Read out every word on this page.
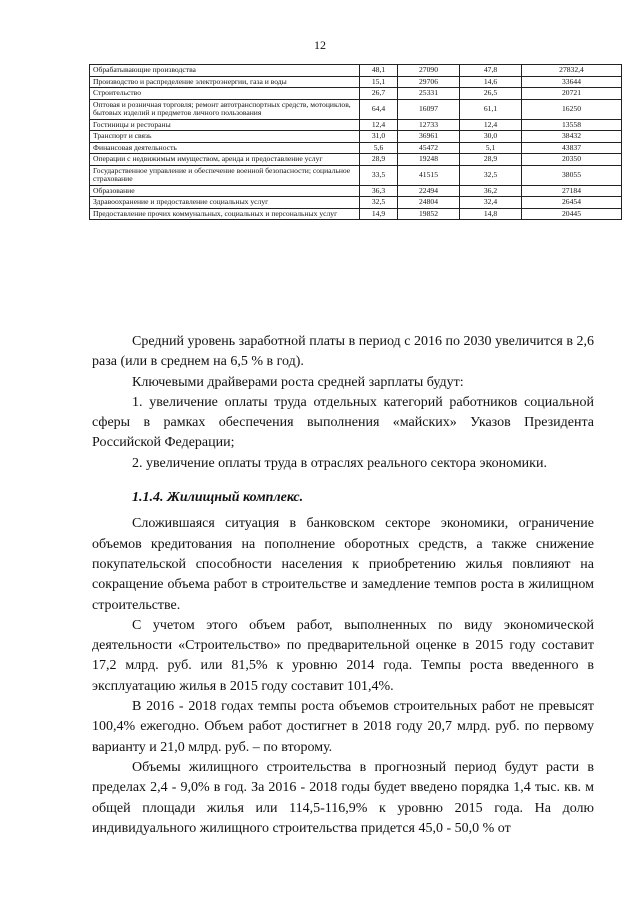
12
Обрабатывающие производства	48,1	27090	47,8	27832,4
Производство и распределение электроэнергии, газа и воды	15,1	29706	14,6	33644
Строительство	26,7	25331	26,5	20721
Оптовая и розничная торговля; ремонт автотранспортных средств, мотоциклов, бытовых изделий и предметов личного пользования	64,4	16097	61,1	16250
Гостиницы и рестораны	12,4	12733	12,4	13558
Транспорт и связь	31,0	36961	30,0	38432
Финансовая деятельность	5,6	45472	5,1	43837
Операции с недвижимым имуществом, аренда и предоставление услуг	28,9	19248	28,9	20350
Государственное управление и обеспечение военной безопасности; социальное страхование	33,5	41515	32,5	38055
Образование	36,3	22494	36,2	27184
Здравоохранение и предоставление социальных услуг	32,5	24804	32,4	26454
Предоставление прочих коммунальных, социальных и персональных услуг	14,9	19852	14,8	20445

Средний уровень заработной платы в период с 2016 по 2030 увеличится в 2,6 раза (или в среднем на 6,5 % в год).

Ключевыми драйверами роста средней зарплаты будут:

1. увеличение оплаты труда отдельных категорий работников социальной сферы в рамках обеспечения выполнения «майских» Указов Президента Российской Федерации;

2. увеличение оплаты труда в отраслях реального сектора экономики.

1.1.4. Жилищный комплекс.

Сложившаяся ситуация в банковском секторе экономики, ограничение объемов кредитования на пополнение оборотных средств, а также снижение покупательской способности населения к приобретению жилья повлияют на сокращение объема работ в строительстве и замедление темпов роста в жилищном строительстве.

С учетом этого объем работ, выполненных по виду экономической деятельности «Строительство» по предварительной оценке в 2015 году составит 17,2 млрд. руб. или 81,5% к уровню 2014 года. Темпы роста введенного в эксплуатацию жилья в 2015 году составит 101,4%.

В 2016 - 2018 годах темпы роста объемов строительных работ не превысят 100,4% ежегодно. Объем работ достигнет в 2018 году 20,7 млрд. руб. по первому варианту и 21,0 млрд. руб. – по второму.

Объемы жилищного строительства в прогнозный период будут расти в пределах 2,4 - 9,0% в год. За 2016 - 2018 годы будет введено порядка 1,4 тыс. кв. м общей площади жилья или 114,5-116,9% к уровню 2015 года. На долю индивидуального жилищного строительства придется 45,0 - 50,0 % от
